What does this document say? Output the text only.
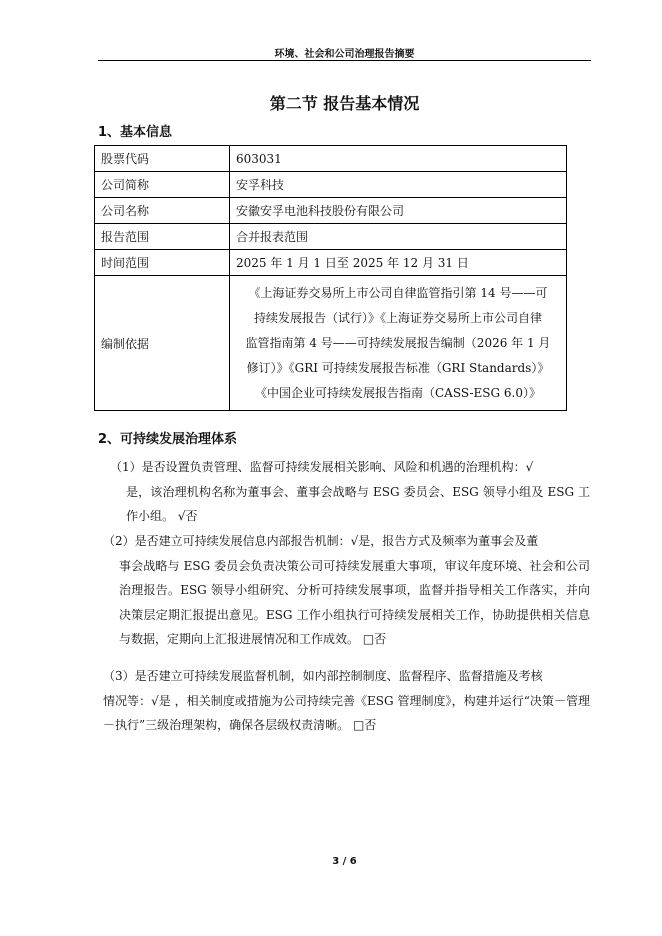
环境、社会和公司治理报告摘要
第二节 报告基本情况
1、基本信息
股票代码	603031
公司简称	安孚科技
公司名称	安徽安孚电池科技股份有限公司
报告范围	合并报表范围
时间范围	2025 年 1 月 1 日至 2025 年 12 月 31 日
编制依据	《上海证券交易所上市公司自律监管指引第 14 号——可
持续发展报告（试行）》《上海证券交易所上市公司自律
监管指南第 4 号——可持续发展报告编制（2026 年 1 月
修订）》《GRI 可持续发展报告标准（GRI Standards）》
《中国企业可持续发展报告指南（CASS-ESG 6.0）》
2、可持续发展治理体系
（1）是否设置负责管理、监督可持续发展相关影响、风险和机遇的治理机构：√
是，该治理机构名称为董事会、董事会战略与 ESG 委员会、ESG 领导小组及 ESG 工作小组。 √否
（2）是否建立可持续发展信息内部报告机制：√是，报告方式及频率为董事会及董
事会战略与 ESG 委员会负责决策公司可持续发展重大事项，审议年度环境、社会和公司治理报告。ESG 领导小组研究、分析可持续发展事项，监督并指导相关工作落实，并向决策层定期汇报提出意见。ESG 工作小组执行可持续发展相关工作，协助提供相关信息与数据，定期向上汇报进展情况和工作成效。 □否
（3）是否建立可持续发展监督机制，如内部控制制度、监督程序、监督措施及考核
情况等：√是 ，相关制度或措施为公司持续完善《ESG 管理制度》，构建并运行“决策－管理－执行”三级治理架构，确保各层级权责清晰。 □否
3 / 6
